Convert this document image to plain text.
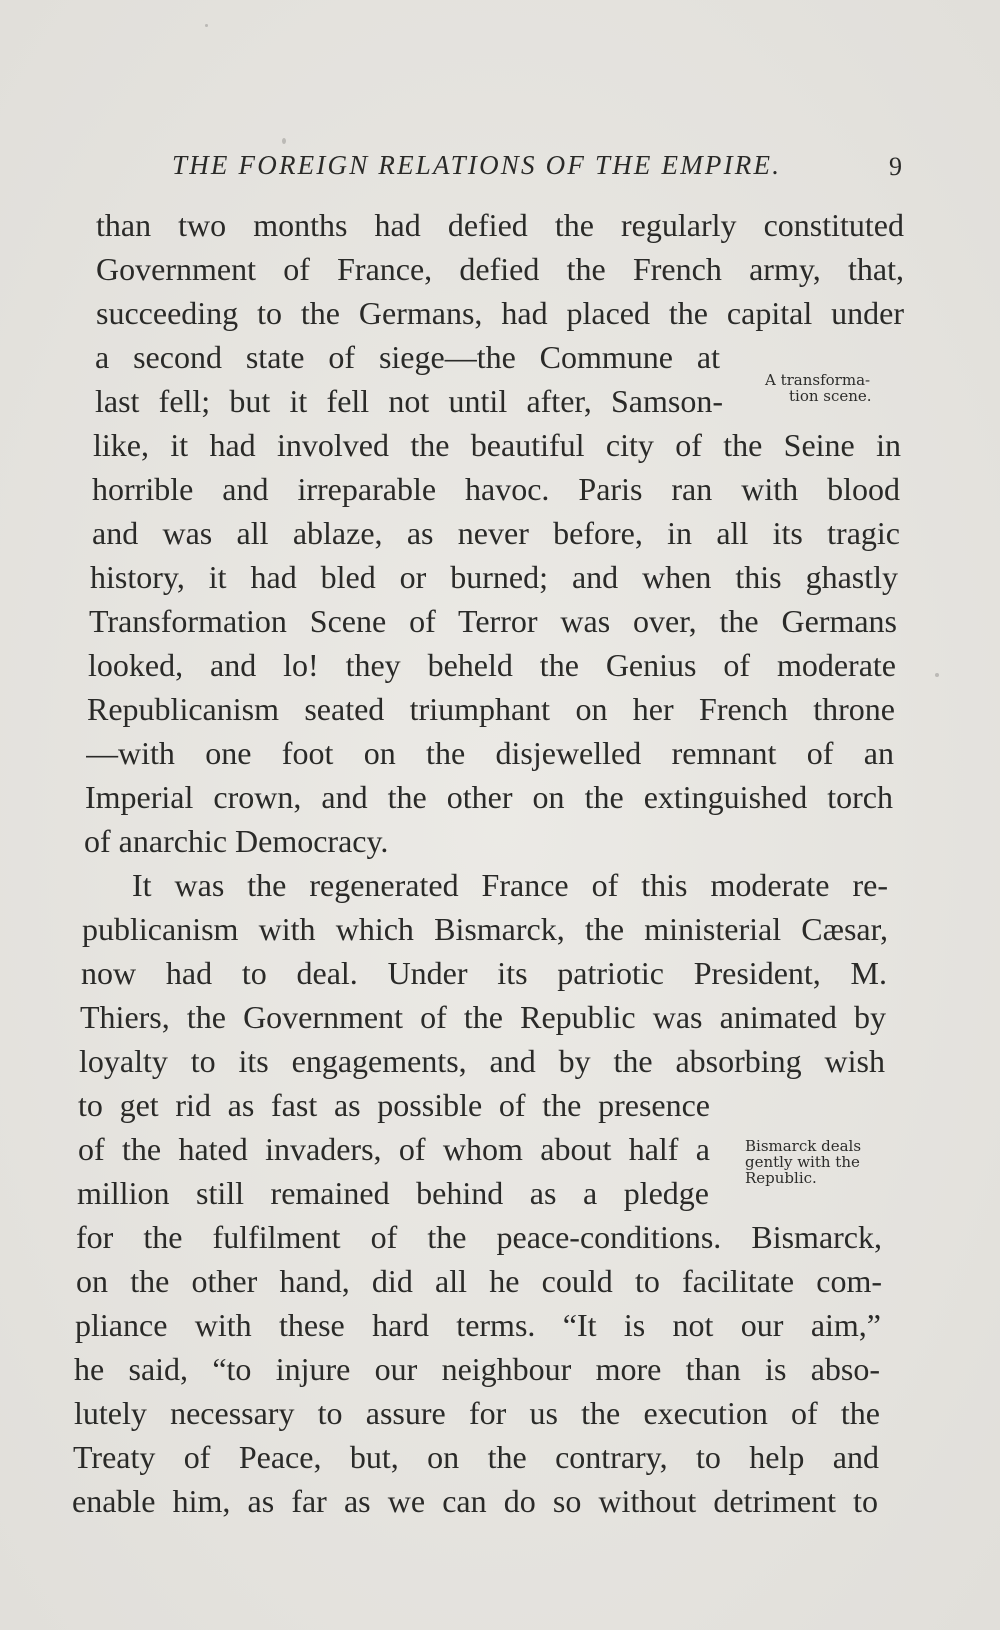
THE FOREIGN RELATIONS OF THE EMPIRE.	9
than two months had defied the regularly constituted
Government of France, defied the French army, that,
succeeding to the Germans, had placed the capital under
a second state of siege—the Commune at
last fell; but it fell not until after, Samson-
like, it had involved the beautiful city of the Seine in
horrible and irreparable havoc. Paris ran with blood
and was all ablaze, as never before, in all its tragic
history, it had bled or burned; and when this ghastly
Transformation Scene of Terror was over, the Germans
looked, and lo! they beheld the Genius of moderate
Republicanism seated triumphant on her French throne
—with one foot on the disjewelled remnant of an
Imperial crown, and the other on the extinguished torch
of anarchic Democracy.
It was the regenerated France of this moderate re-
publicanism with which Bismarck, the ministerial Cæsar,
now had to deal. Under its patriotic President, M.
Thiers, the Government of the Republic was animated by
loyalty to its engagements, and by the absorbing wish
to get rid as fast as possible of the presence
of the hated invaders, of whom about half a
million still remained behind as a pledge
for the fulfilment of the peace-conditions. Bismarck,
on the other hand, did all he could to facilitate com-
pliance with these hard terms. “It is not our aim,”
he said, “to injure our neighbour more than is abso-
lutely necessary to assure for us the execution of the
Treaty of Peace, but, on the contrary, to help and
enable him, as far as we can do so without detriment to
A transforma-
tion scene.
Bismarck deals
gently with the
Republic.
